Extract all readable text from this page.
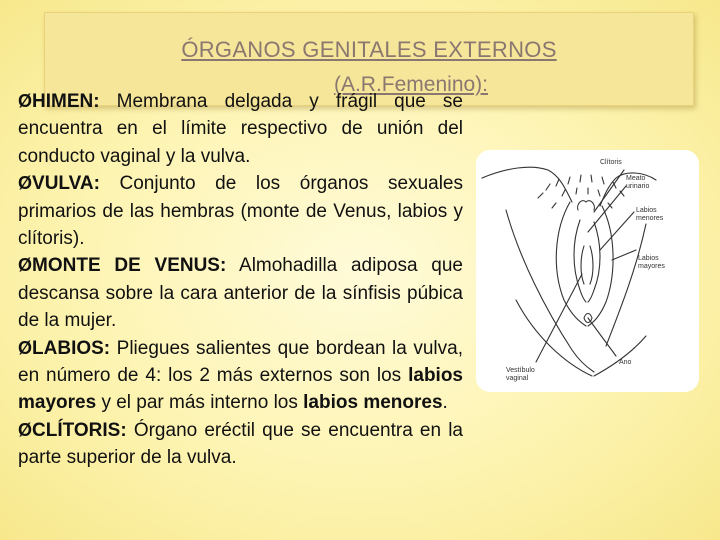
ÓRGANOS GENITALES EXTERNOS
(A.R.Femenino):

ØHIMEN: Membrana delgada y frágil que se encuentra en el límite respectivo de unión del conducto vaginal y la vulva.

ØVULVA: Conjunto de los órganos sexuales primarios de las hembras (monte de Venus, labios y clítoris).

ØMONTE DE VENUS: Almohadilla adiposa que descansa sobre la cara anterior de la sínfisis púbica de la mujer.

ØLABIOS: Pliegues salientes que bordean la vulva, en número de 4: los 2 más externos son los labios mayores y el par más interno los labios menores.

ØCLÍTORIS: Órgano eréctil que se encuentra en la parte superior de la vulva.

Clítoris
Meato
urinario
Labios
menores
Labios
mayores
Vestíbulo
vaginal
Ano
